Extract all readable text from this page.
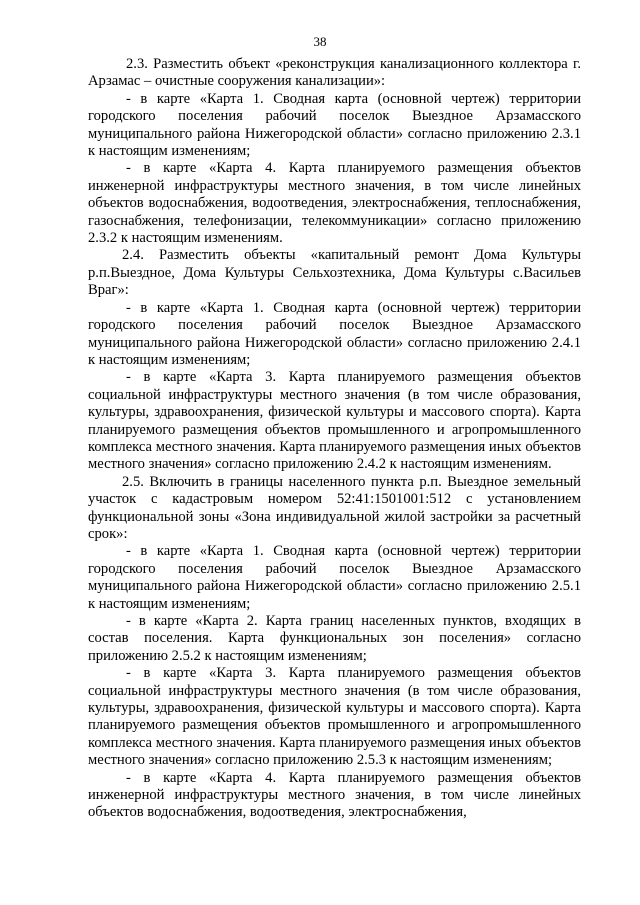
38

2.3. Разместить объект «реконструкция канализационного коллектора г. Арзамас – очистные сооружения канализации»:

- в карте «Карта 1. Сводная карта (основной чертеж) территории городского поселения рабочий поселок Выездное Арзамасского муниципального района Нижегородской области» согласно приложению 2.3.1 к настоящим изменениям;

- в карте «Карта 4. Карта планируемого размещения объектов инженерной инфраструктуры местного значения, в том числе линейных объектов водоснабжения, водоотведения, электроснабжения, теплоснабжения, газоснабжения, телефонизации, телекоммуникации» согласно приложению 2.3.2 к настоящим изменениям.

2.4. Разместить объекты «капитальный ремонт Дома Культуры р.п.Выездное, Дома Культуры Сельхозтехника, Дома Культуры с.Васильев Враг»:

- в карте «Карта 1. Сводная карта (основной чертеж) территории городского поселения рабочий поселок Выездное Арзамасского муниципального района Нижегородской области» согласно приложению 2.4.1 к настоящим изменениям;

- в карте «Карта 3. Карта планируемого размещения объектов социальной инфраструктуры местного значения (в том числе образования, культуры, здравоохранения, физической культуры и массового спорта). Карта планируемого размещения объектов промышленного и агропромышленного комплекса местного значения. Карта планируемого размещения иных объектов местного значения» согласно приложению 2.4.2 к настоящим изменениям.

2.5. Включить в границы населенного пункта р.п. Выездное земельный участок с кадастровым номером 52:41:1501001:512 с установлением функциональной зоны «Зона индивидуальной жилой застройки за расчетный срок»:

- в карте «Карта 1. Сводная карта (основной чертеж) территории городского поселения рабочий поселок Выездное Арзамасского муниципального района Нижегородской области» согласно приложению 2.5.1 к настоящим изменениям;

- в карте «Карта 2. Карта границ населенных пунктов, входящих в состав поселения. Карта функциональных зон поселения» согласно приложению 2.5.2 к настоящим изменениям;

- в карте «Карта 3. Карта планируемого размещения объектов социальной инфраструктуры местного значения (в том числе образования, культуры, здравоохранения, физической культуры и массового спорта). Карта планируемого размещения объектов промышленного и агропромышленного комплекса местного значения. Карта планируемого размещения иных объектов местного значения» согласно приложению 2.5.3 к настоящим изменениям;

- в карте «Карта 4. Карта планируемого размещения объектов инженерной инфраструктуры местного значения, в том числе линейных объектов водоснабжения, водоотведения, электроснабжения,
